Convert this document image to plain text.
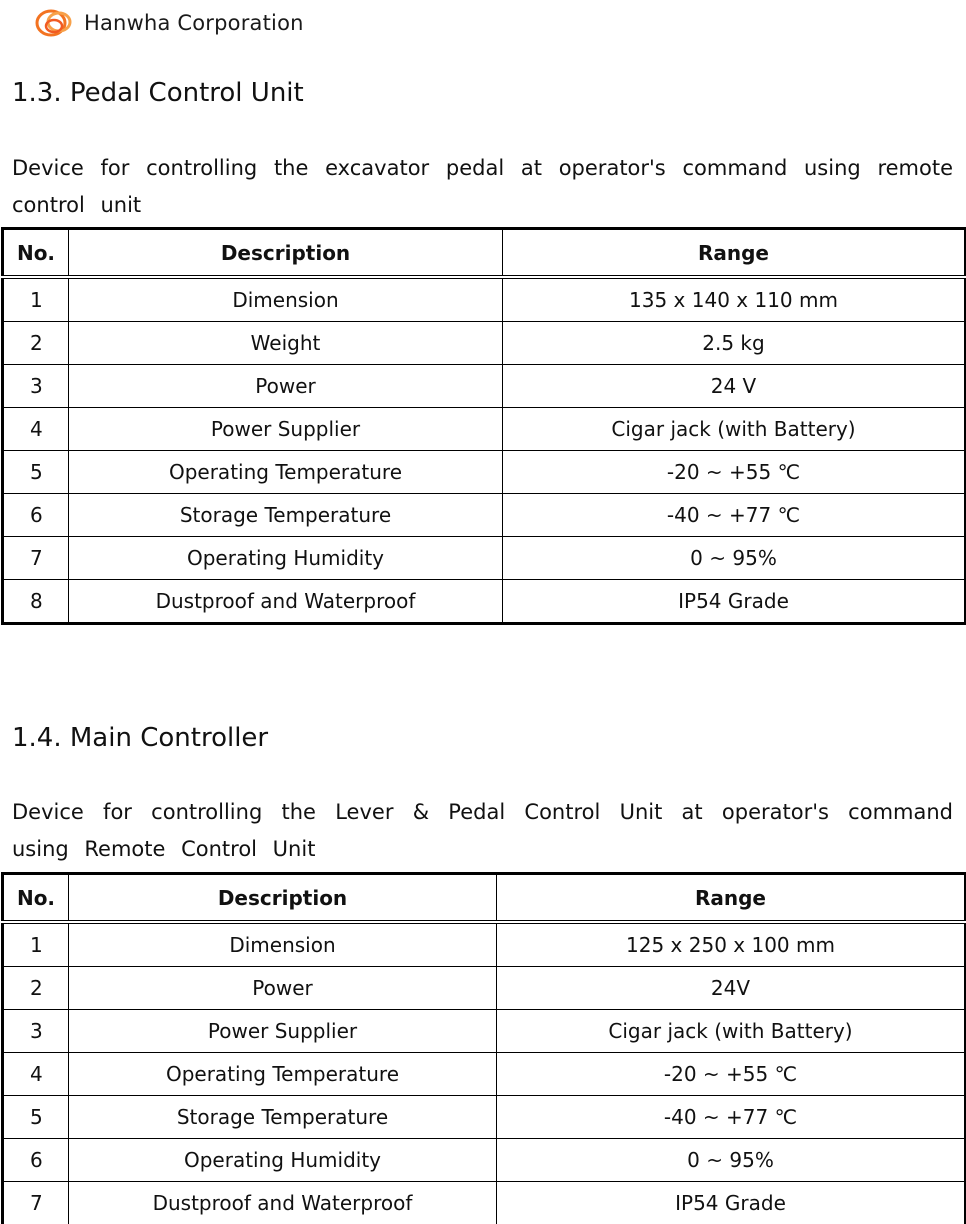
Hanwha Corporation
1.3. Pedal Control Unit

Device for controlling the excavator pedal at operator's command using remote control unit

No.	Description	Range
1	Dimension	135 x 140 x 110 mm
2	Weight	2.5 kg
3	Power	24 V
4	Power Supplier	Cigar jack (with Battery)
5	Operating Temperature	-20 ~ +55 ℃
6	Storage Temperature	-40 ~ +77 ℃
7	Operating Humidity	0 ~ 95%
8	Dustproof and Waterproof	IP54 Grade
1.4. Main Controller

Device for controlling the Lever & Pedal Control Unit at operator's command using Remote Control Unit

No.	Description	Range
1	Dimension	125 x 250 x 100 mm
2	Power	24V
3	Power Supplier	Cigar jack (with Battery)
4	Operating Temperature	-20 ~ +55 ℃
5	Storage Temperature	-40 ~ +77 ℃
6	Operating Humidity	0 ~ 95%
7	Dustproof and Waterproof	IP54 Grade
